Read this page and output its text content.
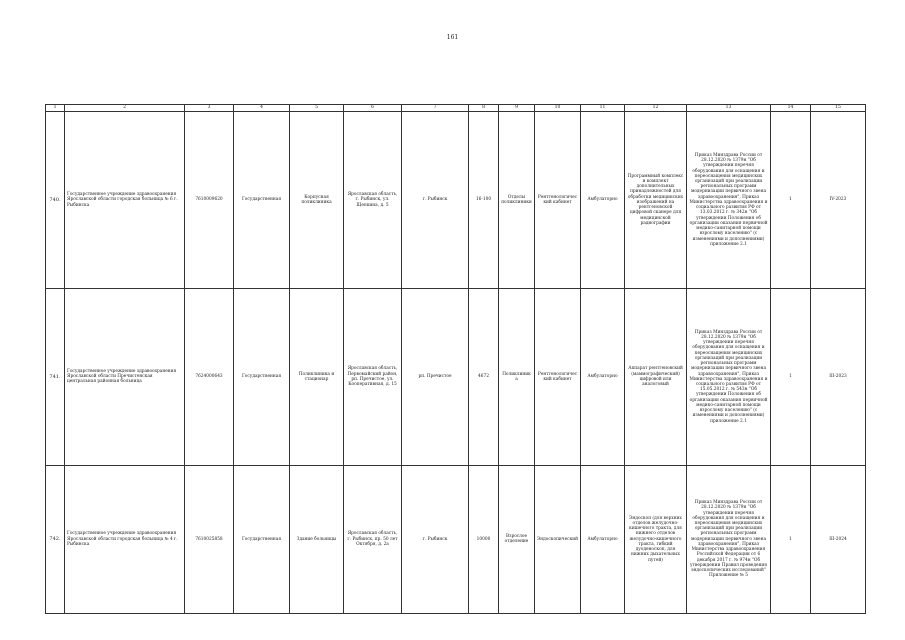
161
1	2	3	4	5	6	7	8	9	10	11	12	13	14	15
740.	Государственное учреждение здравоохранения Ярославской области городская больница № 6 г. Рыбинска	7610009620	Государственная	Корпусная поликлиника	Ярославская область, г. Рыбинск, ул. Щепкина, д. 5	г. Рыбинск	16-100	Отделы поликлиники	Рентгенологический кабинет	Амбулаторно	Программный комплекс и комплект дополнительных принадлежностей для обработки медицинских изображений на рентгеновской цифровой сканере для медицинской радиографии	Приказ Минздрава России от 28.12.2020 № 1379н "Об утверждении перечня оборудования для оснащения и переоснащения медицинских организаций при реализации региональных программ модернизации первичного звена здравоохранения", Приказ Министерства здравоохранения и социального развития РФ от 13.03.2012 г. № 342н "Об утверждении Положения об организации оказания первичной медико-санитарной помощи взрослому населению" (с изменениями и дополнениями) приложение 2.1	1	IV-2023
741.	Государственное учреждение здравоохранения Ярославской области Пречистенская центральная районная больница	7624000643	Государственная	Поликлиника и стационар	Ярославская область, Первомайский район, рп. Пречистое, ул. Кооперативная, д. 15	рп. Пречистое	4672	Поликлиника	Рентгенологический кабинет	Амбулаторно	Аппарат рентгеновский (маммографический) цифровой или аналоговый	Приказ Минздрава России от 28.12.2020 № 1379н "Об утверждении перечня оборудования для оснащения и переоснащения медицинских организаций при реализации региональных программ модернизации первичного звена здравоохранения", Приказ Министерства здравоохранения и социального развития РФ от 15.05.2012 г. № 543н "Об утверждении Положения об организации оказания первичной медико-санитарной помощи взрослому населению" (с изменениями и дополнениями) приложение 2.1	1	III-2023
742.	Государственное учреждение здравоохранения Ярославской области городская больница № 4 г. Рыбинска	7610025858	Государственная	Здание больницы	Ярославская область, г. Рыбинск, пр. 50 лет Октября, д. 2а	г. Рыбинск	10000	Взрослое отделение	Эндоскопический	Амбулаторно	Эндоскоп (для верхних отделов желудочно-кишечного тракта, для нижнего отделов желудочно-кишечного тракта, гибкий дуоденоскоп, для нижних дыхательных путей)	Приказ Минздрава России от 28.12.2020 № 1379н "Об утверждении перечня оборудования для оснащения и переоснащения медицинских организаций при реализации региональных программ модернизации первичного звена здравоохранения", Приказ Министерства здравоохранения Российской Федерации от 6 декабря 2017 г. № 974н "Об утверждении Правил проведения эндоскопических исследований" Приложение № 5	1	III-2024
